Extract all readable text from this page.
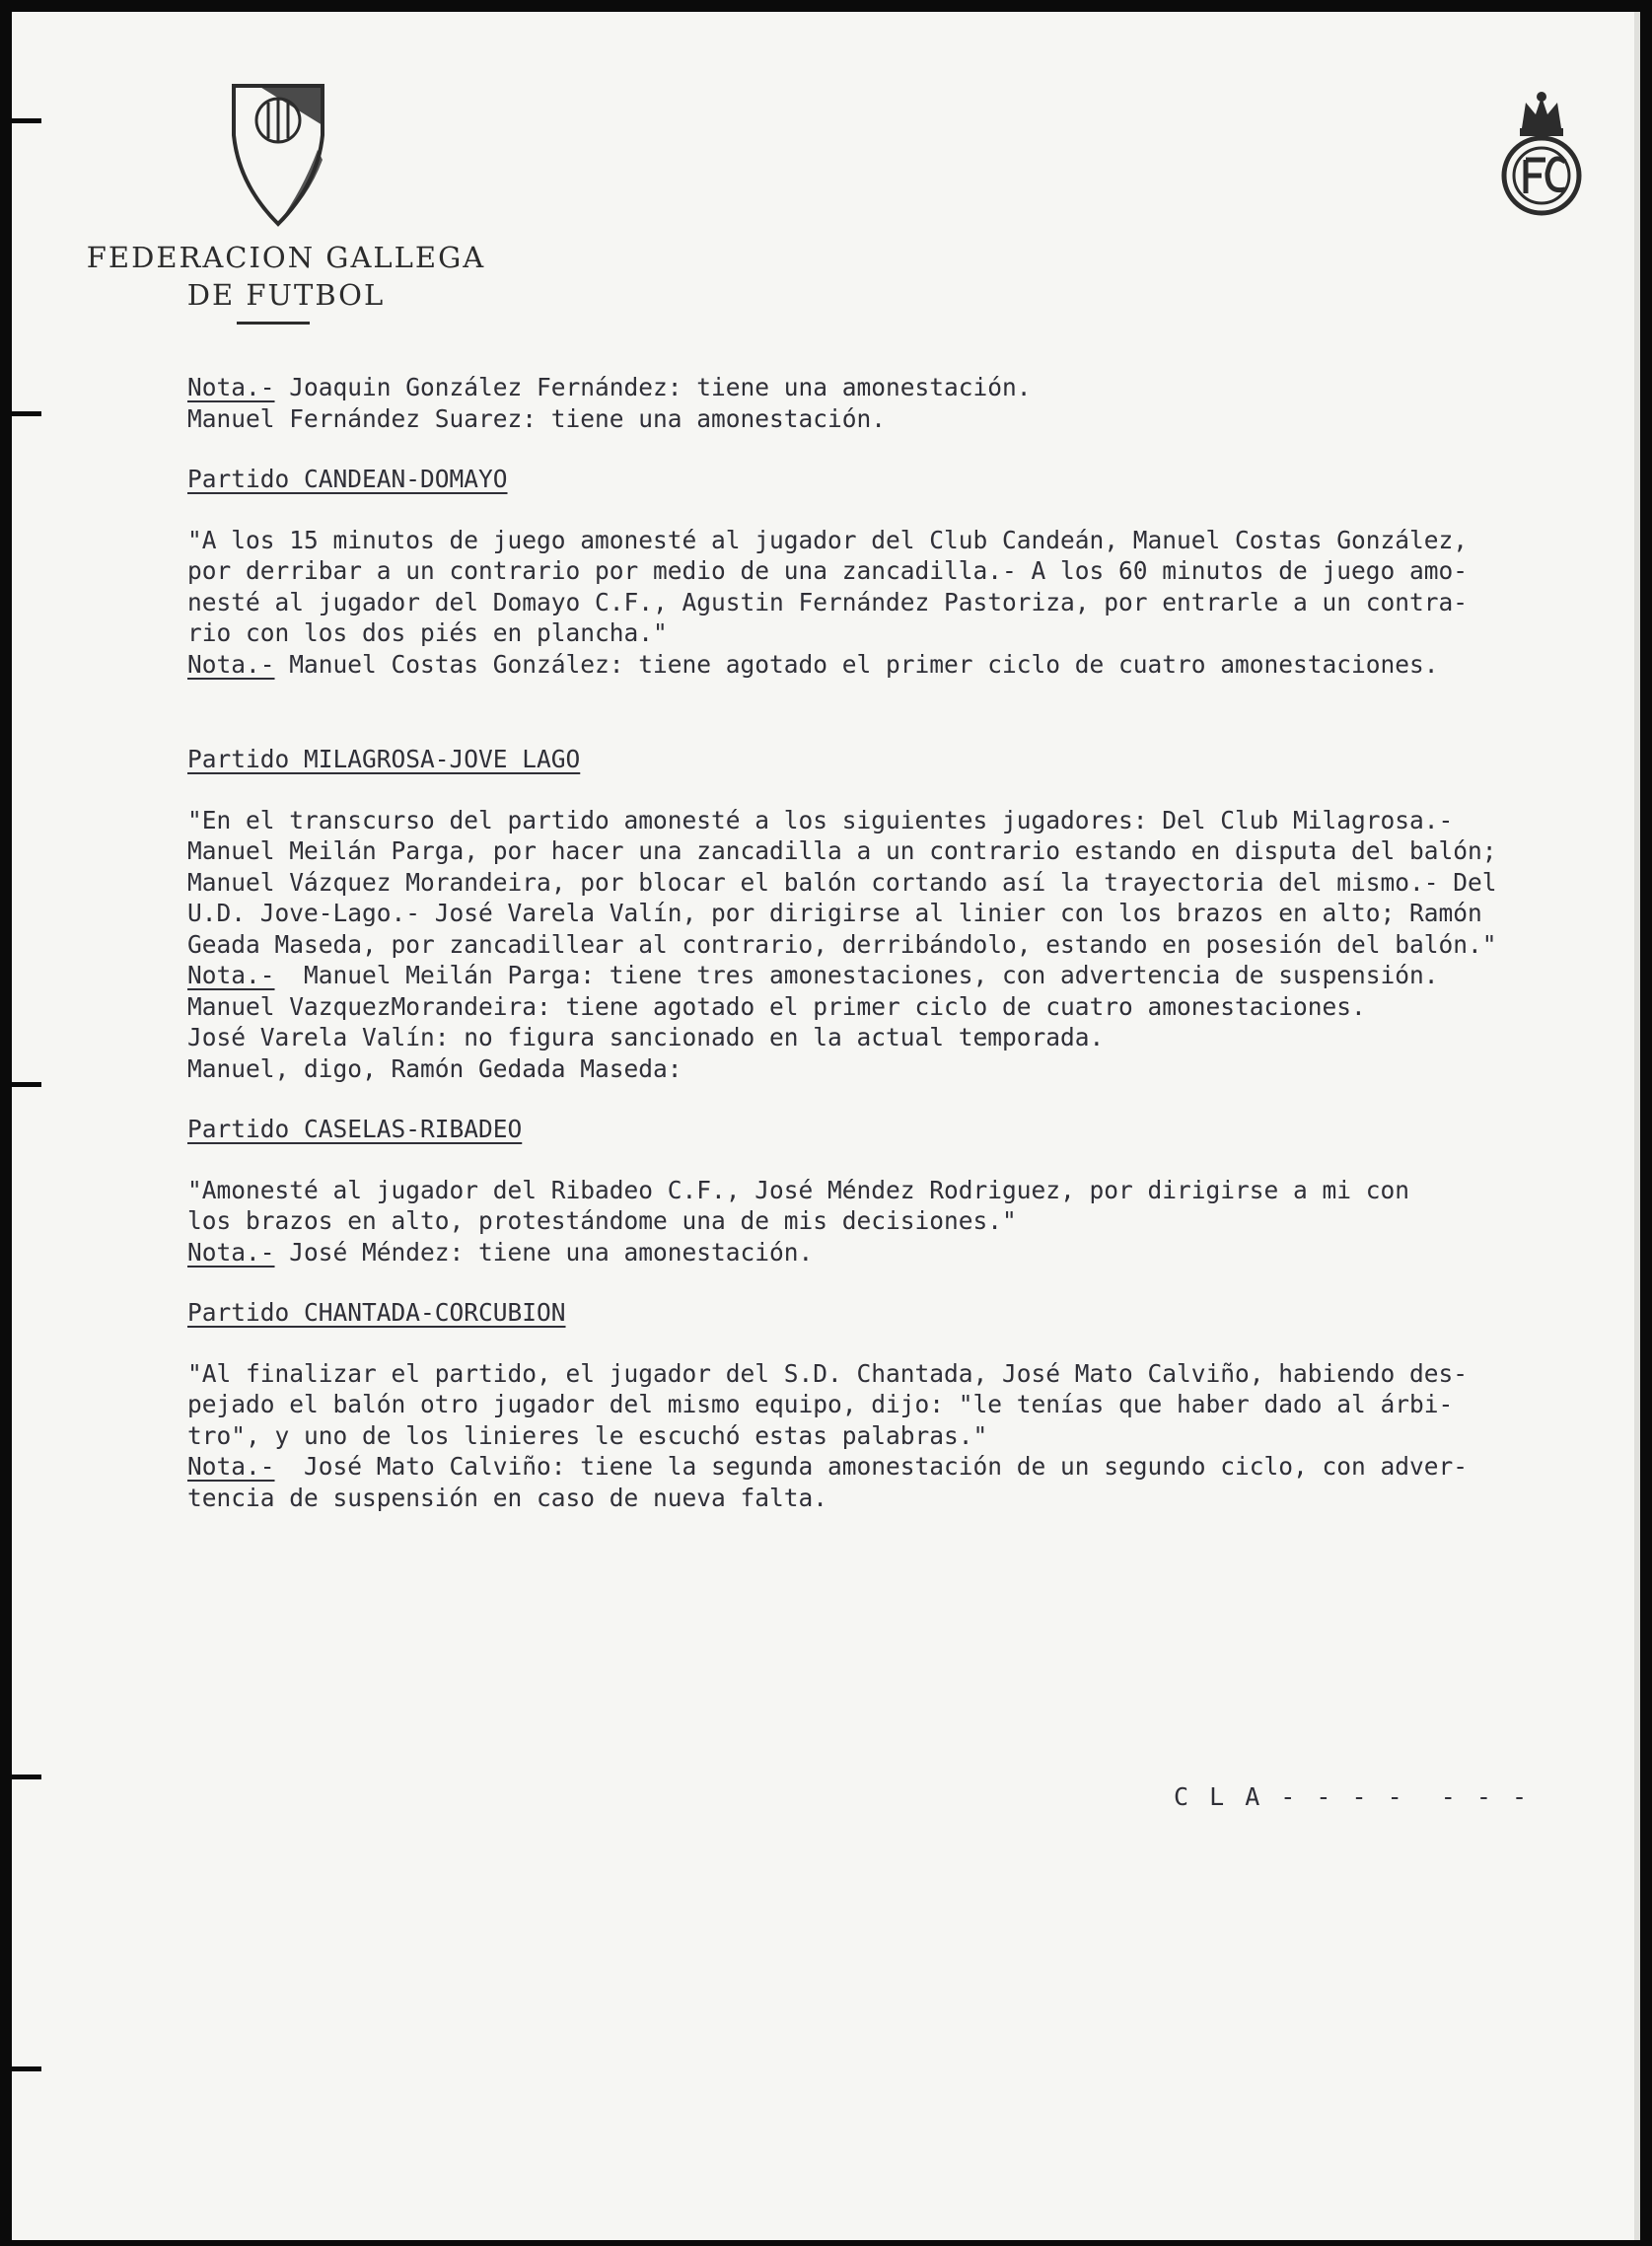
FEDERACION GALLEGA
DE FUTBOL
Nota.- Joaquin González Fernández: tiene una amonestación.
Manuel Fernández Suarez: tiene una amonestación.
Partido CANDEAN-DOMAYO
"A los 15 minutos de juego amonesté al jugador del Club Candeán, Manuel Costas González,
por derribar a un contrario por medio de una zancadilla.- A los 60 minutos de juego amo-
nesté al jugador del Domayo C.F., Agustin Fernández Pastoriza, por entrarle a un contra-
rio con los dos piés en plancha."
Nota.- Manuel Costas González: tiene agotado el primer ciclo de cuatro amonestaciones.
Partido MILAGROSA-JOVE LAGO
"En el transcurso del partido amonesté a los siguientes jugadores: Del Club Milagrosa.-
Manuel Meilán Parga, por hacer una zancadilla a un contrario estando en disputa del balón;
Manuel Vázquez Morandeira, por blocar el balón cortando así la trayectoria del mismo.- Del
U.D. Jove-Lago.- José Varela Valín, por dirigirse al linier con los brazos en alto; Ramón
Geada Maseda, por zancadillear al contrario, derribándolo, estando en posesión del balón."
Nota.-  Manuel Meilán Parga: tiene tres amonestaciones, con advertencia de suspensión.
Manuel VazquezMorandeira: tiene agotado el primer ciclo de cuatro amonestaciones.
José Varela Valín: no figura sancionado en la actual temporada.
Manuel, digo, Ramón Gedada Maseda:
Partido CASELAS-RIBADEO
"Amonesté al jugador del Ribadeo C.F., José Méndez Rodriguez, por dirigirse a mi con
los brazos en alto, protestándome una de mis decisiones."
Nota.- José Méndez: tiene una amonestación.
Partido CHANTADA-CORCUBION
"Al finalizar el partido, el jugador del S.D. Chantada, José Mato Calviño, habiendo des-
pejado el balón otro jugador del mismo equipo, dijo: "le tenías que haber dado al árbi-
tro", y uno de los linieres le escuchó estas palabras."
Nota.-  José Mato Calviño: tiene la segunda amonestación de un segundo ciclo, con adver-
tencia de suspensión en caso de nueva falta.
C L A - - - -  - - -
